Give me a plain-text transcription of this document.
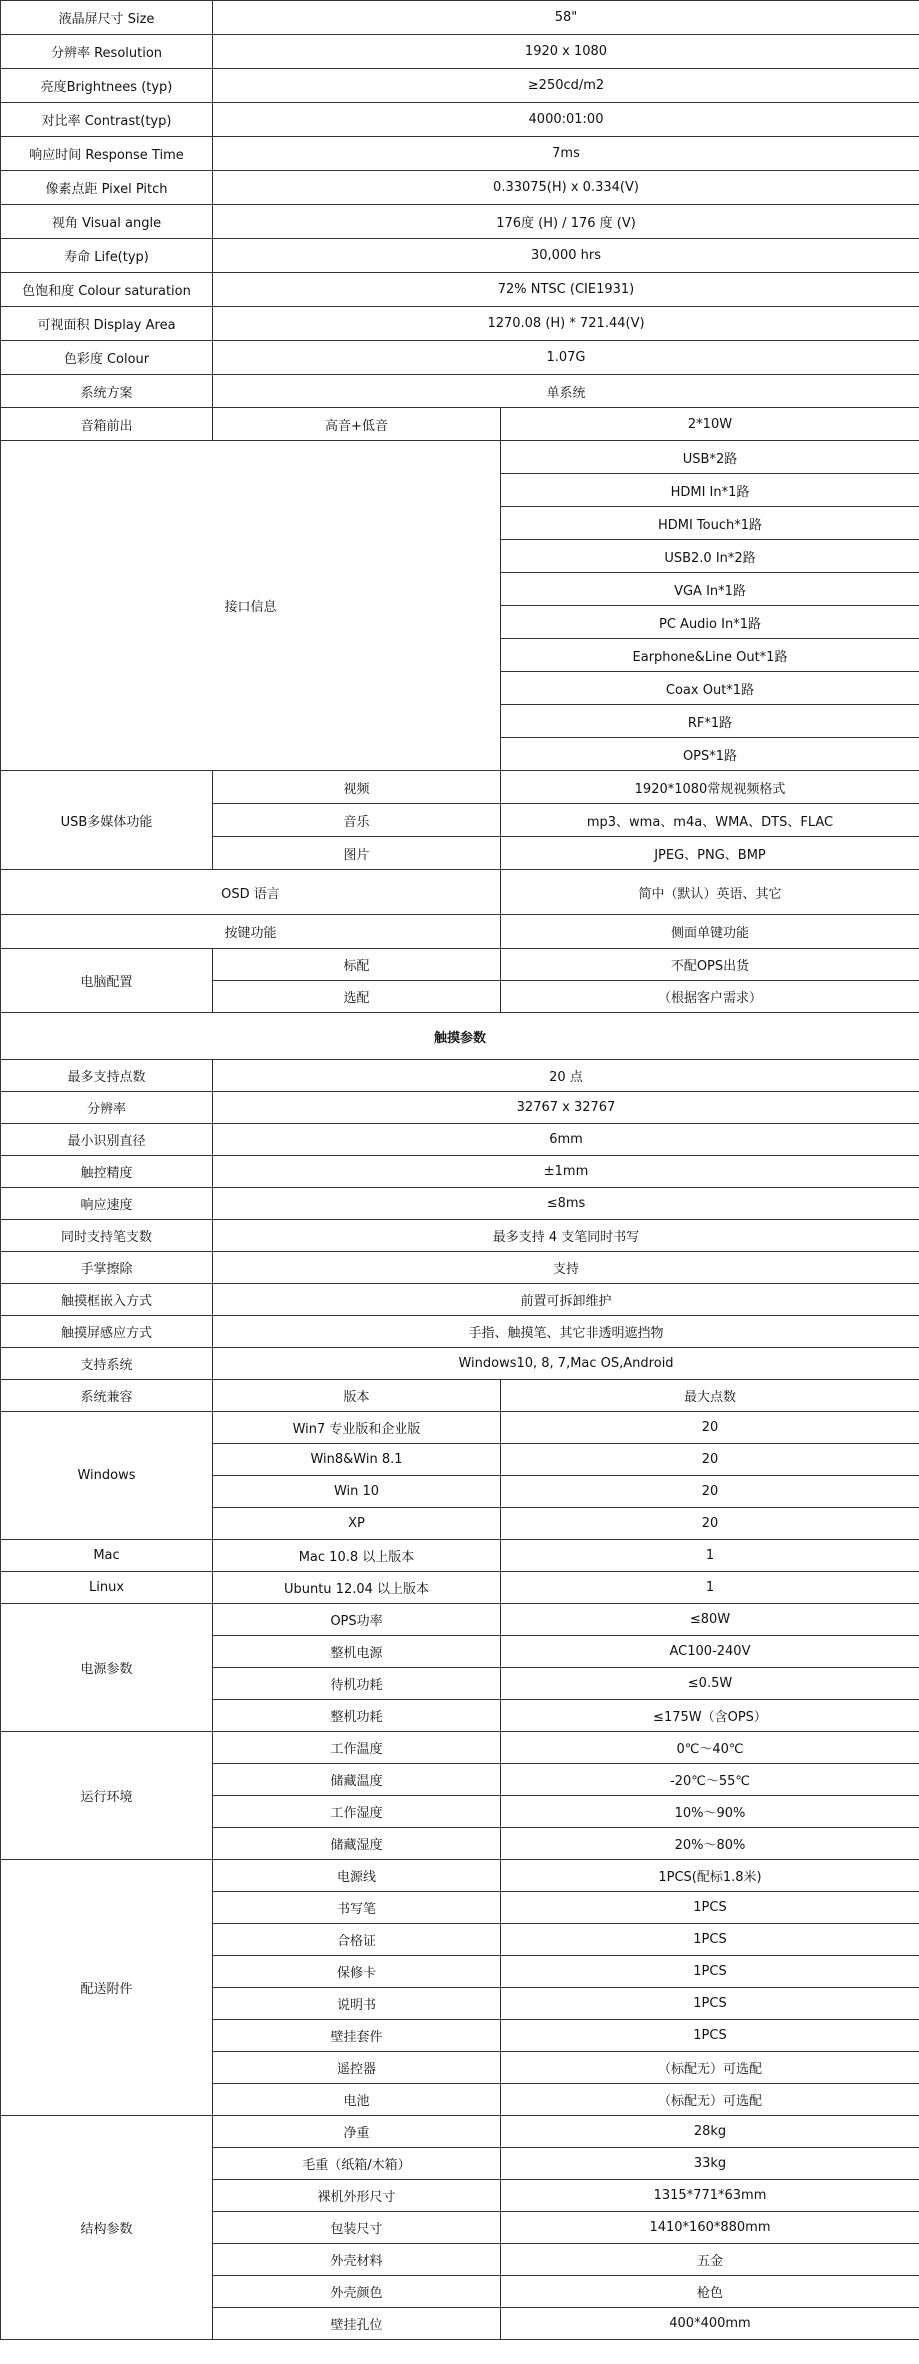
液晶屏尺寸 Size	58"	
分辨率 Resolution	1920 x 1080	
亮度Brightnees (typ)	≥250cd/m2	
对比率 Contrast(typ)	4000:01:00	
响应时间 Response Time	7ms	
像素点距 Pixel Pitch	0.33075(H) x 0.334(V)	
视角 Visual angle	176度 (H) / 176 度 (V)	
寿命 Life(typ)	30,000 hrs	
色饱和度 Colour saturation	72% NTSC (CIE1931)	
可视面积 Display Area	1270.08 (H) * 721.44(V)	
色彩度 Colour	1.07G	
系统方案	单系统	
音箱前出	高音+低音	2*10W
接口信息		USB*2路
		HDMI In*1路
		HDMI Touch*1路
		USB2.0 In*2路
		VGA In*1路
		PC Audio In*1路
		Earphone&Line Out*1路
		Coax Out*1路
		RF*1路
		OPS*1路
USB多媒体功能	视频	1920*1080常规视频格式
	音乐	mp3、wma、m4a、WMA、DTS、FLAC
	图片	JPEG、PNG、BMP
OSD 语言		简中（默认）英语、其它
按键功能		侧面单键功能
电脑配置	标配	不配OPS出货
	选配	（根据客户需求）
触摸参数		
最多支持点数	20 点	
分辨率	32767 x 32767	
最小识别直径	6mm	
触控精度	±1mm	
响应速度	≤8ms	
同时支持笔支数	最多支持 4 支笔同时书写	
手掌擦除	支持	
触摸框嵌入方式	前置可拆卸维护	
触摸屏感应方式	手指、触摸笔、其它非透明遮挡物	
支持系统	Windows10, 8, 7,Mac OS,Android	
系统兼容	版本	最大点数
Windows	Win7 专业版和企业版	20
	Win8&Win 8.1	20
	Win 10	20
	XP	20
Mac	Mac 10.8 以上版本	1
Linux	Ubuntu 12.04 以上版本	1
电源参数	OPS功率	≤80W
	整机电源	AC100-240V
	待机功耗	≤0.5W
	整机功耗	≤175W（含OPS）
运行环境	工作温度	0℃～40℃
	储藏温度	-20℃～55℃
	工作湿度	10%～90%
	储藏湿度	20%～80%
配送附件	电源线	1PCS(配标1.8米)
	书写笔	1PCS
	合格证	1PCS
	保修卡	1PCS
	说明书	1PCS
	壁挂套件	1PCS
	遥控器	（标配无）可选配
	电池	（标配无）可选配
结构参数	净重	28kg
	毛重（纸箱/木箱）	33kg
	裸机外形尺寸	1315*771*63mm
	包装尺寸	1410*160*880mm
	外壳材料	五金
	外壳颜色	枪色
	壁挂孔位	400*400mm
